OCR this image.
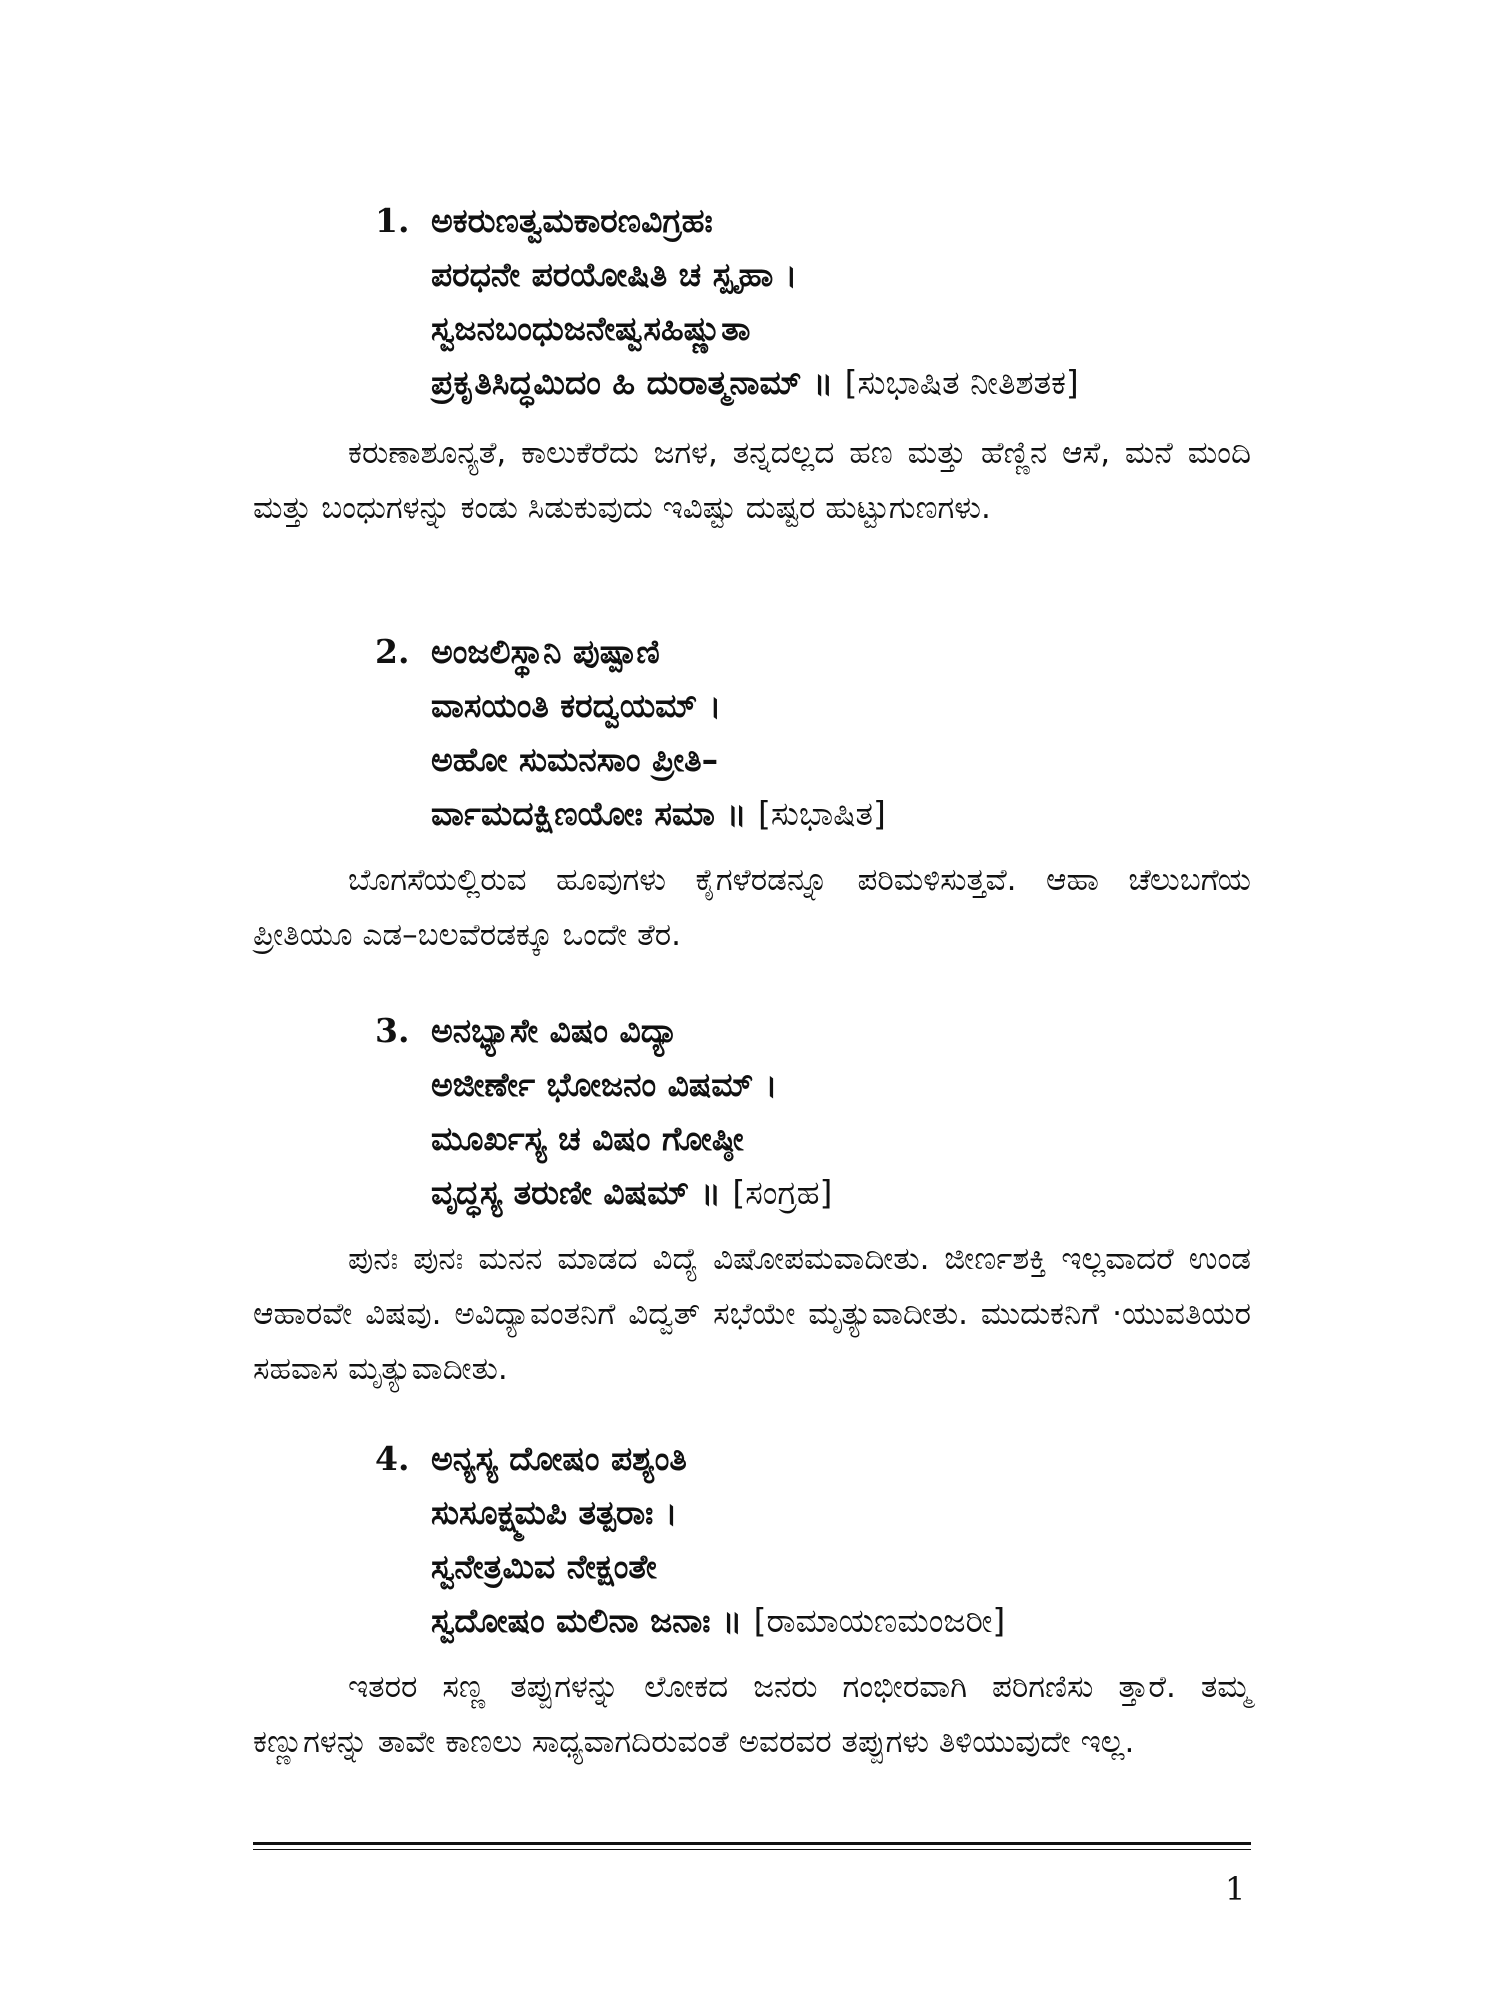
1. ಅಕರುಣತ್ವಮಕಾರಣವಿಗ್ರಹಃ
ಪರಧನೇ ಪರಯೋಷಿತಿ ಚ ಸ್ಪೃಹಾ ।
ಸ್ವಜನಬಂಧುಜನೇಷ್ವಸಹಿಷ್ಣುತಾ
ಪ್ರಕೃತಿಸಿದ್ಧಮಿದಂ ಹಿ ದುರಾತ್ಮನಾಮ್ ॥ [ಸುಭಾಷಿತ ನೀತಿಶತಕ]

ಕರುಣಾಶೂನ್ಯತೆ, ಕಾಲುಕೆರೆದು ಜಗಳ, ತನ್ನದಲ್ಲದ ಹಣ ಮತ್ತು ಹೆಣ್ಣಿನ ಆಸೆ, ಮನೆ ಮಂದಿ ಮತ್ತು ಬಂಧುಗಳನ್ನು ಕಂಡು ಸಿಡುಕುವುದು ಇವಿಷ್ಟು ದುಷ್ಟರ ಹುಟ್ಟುಗುಣಗಳು.

2. ಅಂಜಲಿಸ್ಥಾನಿ ಪುಷ್ಪಾಣಿ
ವಾಸಯಂತಿ ಕರದ್ವಯಮ್ ।
ಅಹೋ ಸುಮನಸಾಂ ಪ್ರೀತಿ–
ರ್ವಾಮದಕ್ಷಿಣಯೋಃ ಸಮಾ ॥ [ಸುಭಾಷಿತ]

ಬೊಗಸೆಯಲ್ಲಿರುವ ಹೂವುಗಳು ಕೈಗಳೆರಡನ್ನೂ ಪರಿಮಳಿಸುತ್ತವೆ. ಆಹಾ ಚೆಲುಬಗೆಯ ಪ್ರೀತಿಯೂ ಎಡ–ಬಲವೆರಡಕ್ಕೂ ಒಂದೇ ತೆರ.

3. ಅನಭ್ಯಾಸೇ ವಿಷಂ ವಿದ್ಯಾ
ಅಜೀರ್ಣೇ ಭೋಜನಂ ವಿಷಮ್ ।
ಮೂರ್ಖಸ್ಯ ಚ ವಿಷಂ ಗೋಷ್ಠೀ
ವೃದ್ಧಸ್ಯ ತರುಣೀ ವಿಷಮ್ ॥ [ಸಂಗ್ರಹ]

ಪುನಃ ಪುನಃ ಮನನ ಮಾಡದ ವಿದ್ಯೆ ವಿಷೋಪಮವಾದೀತು. ಜೀರ್ಣಶಕ್ತಿ ಇಲ್ಲವಾದರೆ ಉಂಡ ಆಹಾರವೇ ವಿಷವು. ಅವಿದ್ಯಾವಂತನಿಗೆ ವಿದ್ವತ್ ಸಭೆಯೇ ಮೃತ್ಯುವಾದೀತು. ಮುದುಕನಿಗೆ ·ಯುವತಿಯರ ಸಹವಾಸ ಮೃತ್ಯುವಾದೀತು.

4. ಅನ್ಯಸ್ಯ ದೋಷಂ ಪಶ್ಯಂತಿ
ಸುಸೂಕ್ಷ್ಮಮಪಿ ತತ್ಪರಾಃ ।
ಸ್ವನೇತ್ರಮಿವ ನೇಕ್ಷಂತೇ
ಸ್ವದೋಷಂ ಮಲಿನಾ ಜನಾಃ ॥ [ರಾಮಾಯಣಮಂಜರೀ]

ಇತರರ ಸಣ್ಣ ತಪ್ಪುಗಳನ್ನು ಲೋಕದ ಜನರು ಗಂಭೀರವಾಗಿ ಪರಿಗಣಿಸು ತ್ತಾರೆ. ತಮ್ಮ ಕಣ್ಣುಗಳನ್ನು ತಾವೇ ಕಾಣಲು ಸಾಧ್ಯವಾಗದಿರುವಂತೆ ಅವರವರ ತಪ್ಪುಗಳು ತಿಳಿಯುವುದೇ ಇಲ್ಲ.

1
